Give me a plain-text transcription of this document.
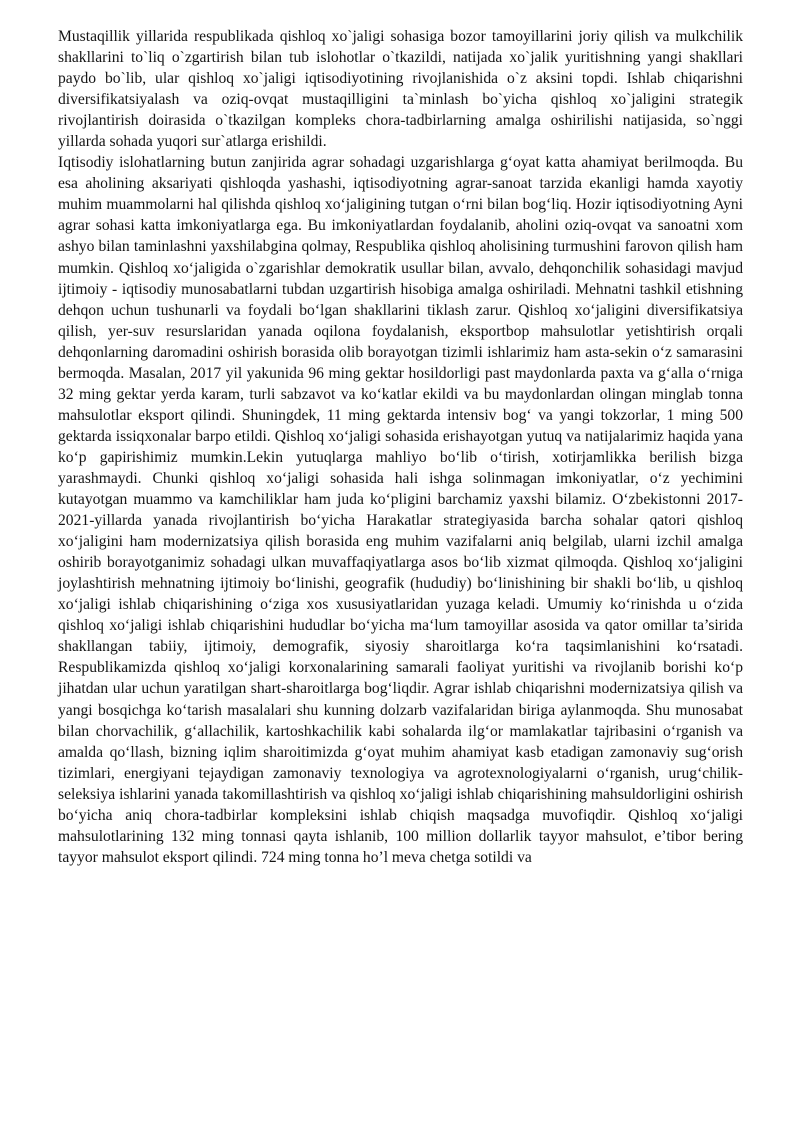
Mustaqillik yillarida respublikada qishloq xo`jaligi sohasiga bozor tamoyillarini joriy qilish va mulkchilik shakllarini to`liq o`zgartirish bilan tub islohotlar o`tkazildi, natijada xo`jalik yuritishning yangi shakllari paydo bo`lib, ular qishloq xo`jaligi iqtisodiyotining rivojlanishida o`z aksini topdi. Ishlab chiqarishni diversifikatsiyalash va oziq-ovqat mustaqilligini ta`minlash bo`yicha qishloq xo`jaligini strategik rivojlantirish doirasida o`tkazilgan kompleks chora-tadbirlarning amalga oshirilishi natijasida, so`nggi yillarda sohada yuqori sur`atlarga erishildi.

Iqtisodiy islohatlarning butun zanjirida agrar sohadagi uzgarishlarga g‘oyat katta ahamiyat berilmoqda. Bu esa aholining aksariyati qishloqda yashashi, iqtisodiyotning agrar-sanoat tarzida ekanligi hamda xayotiy muhim muammolarni hal qilishda qishloq xo‘jaligining tutgan o‘rni bilan bog‘liq. Hozir iqtisodiyotning Ayni agrar sohasi katta imkoniyatlarga ega. Bu imkoniyatlardan foydalanib, aholini oziq-ovqat va sanoatni xom ashyo bilan taminlashni yaxshilabgina qolmay, Respublika qishloq aholisining turmushini farovon qilish ham mumkin. Qishloq xo‘jaligida o`zgarishlar demokratik usullar bilan, avvalo, dehqonchilik sohasidagi mavjud ijtimoiy - iqtisodiy munosabatlarni tubdan uzgartirish hisobiga amalga oshiriladi. Mehnatni tashkil etishning dehqon uchun tushunarli va foydali bo‘lgan shakllarini tiklash zarur. Qishloq xo‘jaligini diversifikatsiya qilish, yer-suv resurslaridan yanada oqilona foydalanish, eksportbop mahsulotlar yetishtirish orqali dehqonlarning daromadini oshirish borasida olib borayotgan tizimli ishlarimiz ham asta-sekin o‘z samarasini bermoqda. Masalan, 2017 yil yakunida 96 ming gektar hosildorligi past maydonlarda paxta va g‘alla o‘rniga 32 ming gektar yerda karam, turli sabzavot va ko‘katlar ekildi va bu maydonlardan olingan minglab tonna mahsulotlar eksport qilindi. Shuningdek, 11 ming gektarda intensiv bog‘ va yangi tokzorlar, 1 ming 500 gektarda issiqxonalar barpo etildi. Qishloq xo‘jaligi sohasida erishayotgan yutuq va natijalarimiz haqida yana ko‘p gapirishimiz mumkin.Lekin yutuqlarga mahliyo bo‘lib o‘tirish, xotirjamlikka berilish bizga yarashmaydi. Chunki qishloq xo‘jaligi sohasida hali ishga solinmagan imkoniyatlar, o‘z yechimini kutayotgan muammo va kamchiliklar ham juda ko‘pligini barchamiz yaxshi bilamiz. O‘zbekistonni 2017-2021-yillarda yanada rivojlantirish bo‘yicha Harakatlar strategiyasida barcha sohalar qatori qishloq xo‘jaligini ham modernizatsiya qilish borasida eng muhim vazifalarni aniq belgilab, ularni izchil amalga oshirib borayotganimiz sohadagi ulkan muvaffaqiyatlarga asos bo‘lib xizmat qilmoqda. Qishloq xo‘jaligini joylashtirish mehnatning ijtimoiy bo‘linishi, geografik (hududiy) bo‘linishining bir shakli bo‘lib, u qishloq xo‘jaligi ishlab chiqarishining o‘ziga xos xususiyatlaridan yuzaga keladi. Umumiy ko‘rinishda u o‘zida qishloq xo‘jaligi ishlab chiqarishini hududlar bo‘yicha ma‘lum tamoyillar asosida va qator omillar ta’sirida shakllangan tabiiy, ijtimoiy, demografik, siyosiy sharoitlarga ko‘ra taqsimlanishini ko‘rsatadi. Respublikamizda qishloq xo‘jaligi korxonalarining samarali faoliyat yuritishi va rivojlanib borishi ko‘p jihatdan ular uchun yaratilgan shart-sharoitlarga bog‘liqdir. Agrar ishlab chiqarishni modernizatsiya qilish va yangi bosqichga ko‘tarish masalalari shu kunning dolzarb vazifalaridan biriga aylanmoqda. Shu munosabat bilan chorvachilik, g‘allachilik, kartoshkachilik kabi sohalarda ilg‘or mamlakatlar tajribasini o‘rganish va amalda qo‘llash, bizning iqlim sharoitimizda g‘oyat muhim ahamiyat kasb etadigan zamonaviy sug‘orish tizimlari, energiyani tejaydigan zamonaviy texnologiya va agrotexnologiyalarni o‘rganish, urug‘chilik-seleksiya ishlarini yanada takomillashtirish va qishloq xo‘jaligi ishlab chiqarishining mahsuldorligini oshirish bo‘yicha aniq chora-tadbirlar kompleksini ishlab chiqish maqsadga muvofiqdir. Qishloq xo‘jaligi mahsulotlarining 132 ming tonnasi qayta ishlanib, 100 million dollarlik tayyor mahsulot, e’tibor bering tayyor mahsulot eksport qilindi. 724 ming tonna ho’l meva chetga sotildi va
